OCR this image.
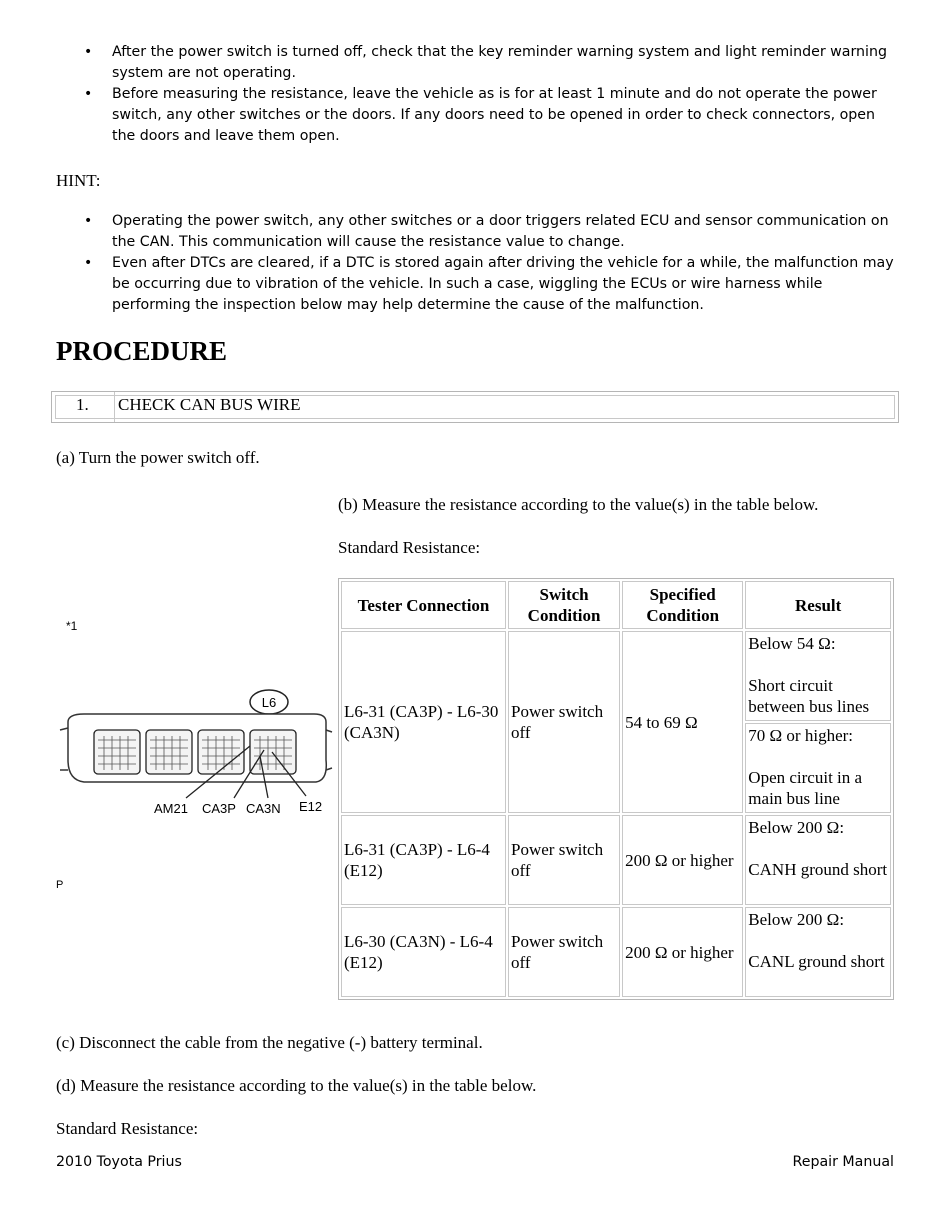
• After the power switch is turned off, check that the key reminder warning system and light reminder warning system are not operating.
• Before measuring the resistance, leave the vehicle as is for at least 1 minute and do not operate the power switch, any other switches or the doors. If any doors need to be opened in order to check connectors, open the doors and leave them open.
HINT:
• Operating the power switch, any other switches or a door triggers related ECU and sensor communication on the CAN. This communication will cause the resistance value to change.
• Even after DTCs are cleared, if a DTC is stored again after driving the vehicle for a while, the malfunction may be occurring due to vibration of the vehicle. In such a case, wiggling the ECUs or wire harness while performing the inspection below may help determine the cause of the malfunction.
PROCEDURE
1. CHECK CAN BUS WIRE
(a) Turn the power switch off.
(b) Measure the resistance according to the value(s) in the table below.
Standard Resistance:
*1
L6
AM21 CA3P CA3N E12
P
Tester Connection	Switch Condition	Specified Condition	Result
L6-31 (CA3P) - L6-30 (CA3N)	Power switch off	54 to 69 Ω	Below 54 Ω:
Short circuit between bus lines

			70 Ω or higher:
Open circuit in a main bus line

L6-31 (CA3P) - L6-4 (E12)	Power switch off	200 Ω or higher	Below 200 Ω:
CANH ground short

L6-30 (CA3N) - L6-4 (E12)	Power switch off	200 Ω or higher	Below 200 Ω:
CANL ground short
(c) Disconnect the cable from the negative (-) battery terminal.
(d) Measure the resistance according to the value(s) in the table below.
Standard Resistance:
2010 Toyota Prius	Repair Manual
